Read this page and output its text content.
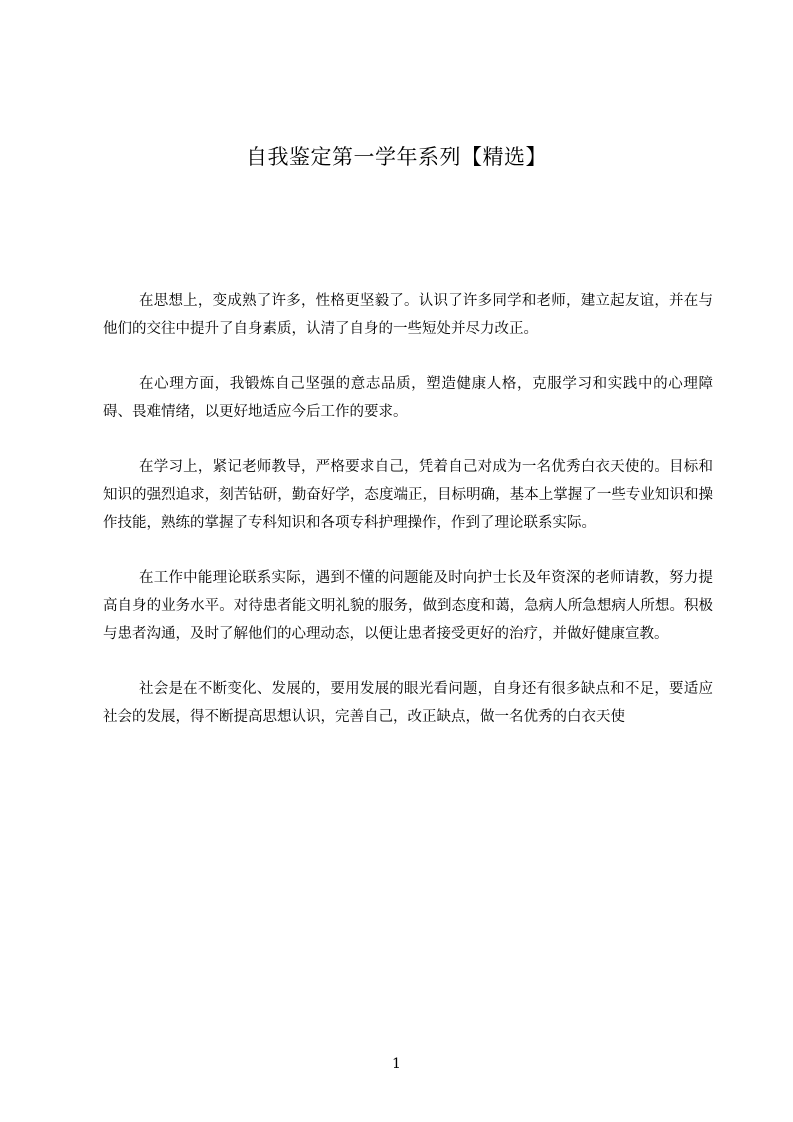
自我鉴定第一学年系列【精选】

在思想上，变成熟了许多，性格更坚毅了。认识了许多同学和老师，建立起友谊，并在与他们的交往中提升了自身素质，认清了自身的一些短处并尽力改正。

在心理方面，我锻炼自己坚强的意志品质，塑造健康人格，克服学习和实践中的心理障碍、畏难情绪，以更好地适应今后工作的要求。

在学习上，紧记老师教导，严格要求自己，凭着自己对成为一名优秀白衣天使的。目标和知识的强烈追求，刻苦钻研，勤奋好学，态度端正，目标明确，基本上掌握了一些专业知识和操作技能，熟练的掌握了专科知识和各项专科护理操作，作到了理论联系实际。

在工作中能理论联系实际，遇到不懂的问题能及时向护士长及年资深的老师请教，努力提高自身的业务水平。对待患者能文明礼貌的服务，做到态度和蔼，急病人所急想病人所想。积极与患者沟通，及时了解他们的心理动态，以便让患者接受更好的治疗，并做好健康宣教。

社会是在不断变化、发展的，要用发展的眼光看问题，自身还有很多缺点和不足，要适应社会的发展，得不断提高思想认识，完善自己，改正缺点，做一名优秀的白衣天使

1
